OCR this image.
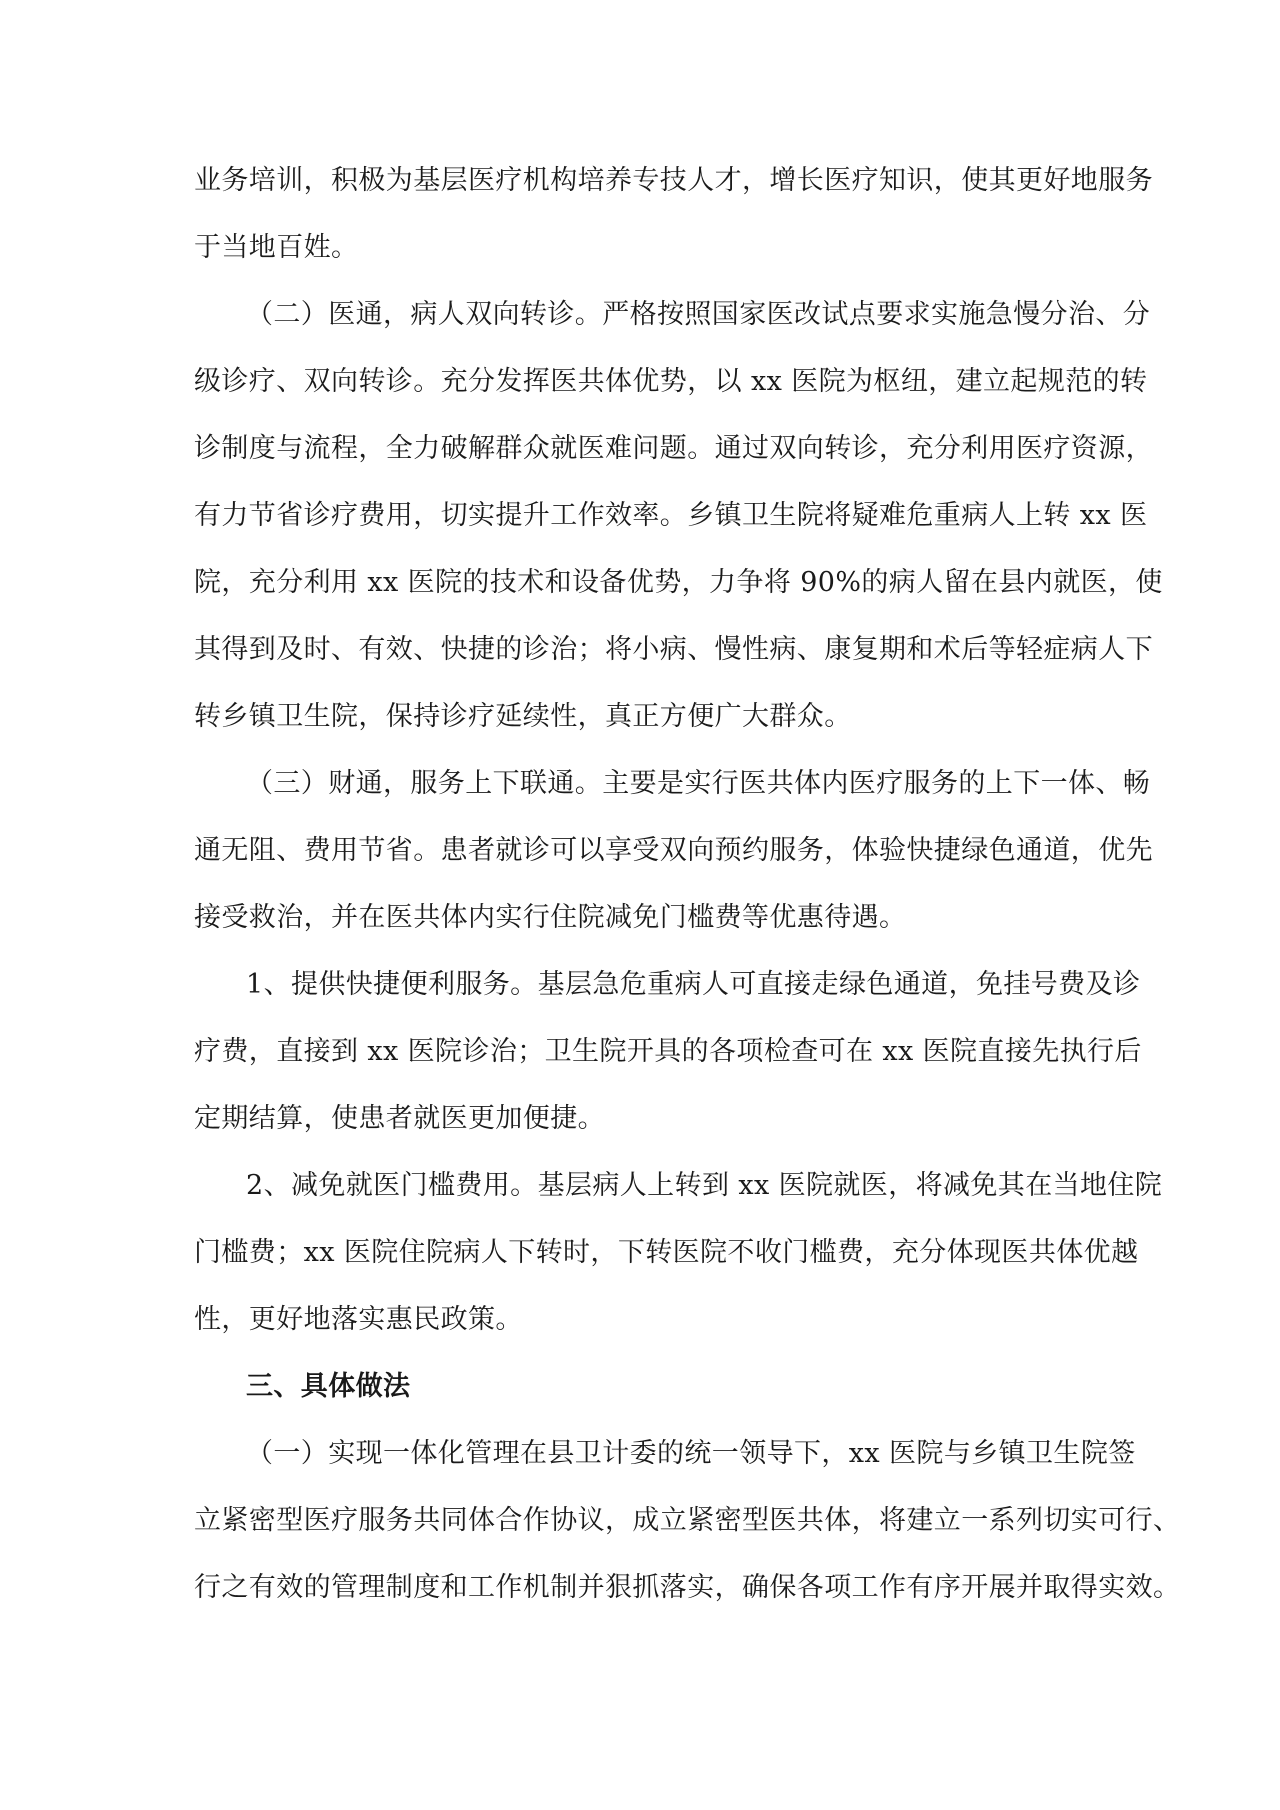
业务培训，积极为基层医疗机构培养专技人才，增长医疗知识，使其更好地服务
于当地百姓。
（二）医通，病人双向转诊。严格按照国家医改试点要求实施急慢分治、分
级诊疗、双向转诊。充分发挥医共体优势，以 xx 医院为枢纽，建立起规范的转
诊制度与流程，全力破解群众就医难问题。通过双向转诊，充分利用医疗资源，
有力节省诊疗费用，切实提升工作效率。乡镇卫生院将疑难危重病人上转 xx 医
院，充分利用 xx 医院的技术和设备优势，力争将 90%的病人留在县内就医，使
其得到及时、有效、快捷的诊治；将小病、慢性病、康复期和术后等轻症病人下
转乡镇卫生院，保持诊疗延续性，真正方便广大群众。
（三）财通，服务上下联通。主要是实行医共体内医疗服务的上下一体、畅
通无阻、费用节省。患者就诊可以享受双向预约服务，体验快捷绿色通道，优先
接受救治，并在医共体内实行住院减免门槛费等优惠待遇。
1、提供快捷便利服务。基层急危重病人可直接走绿色通道，免挂号费及诊
疗费，直接到 xx 医院诊治；卫生院开具的各项检查可在 xx 医院直接先执行后
定期结算，使患者就医更加便捷。
2、减免就医门槛费用。基层病人上转到 xx 医院就医，将减免其在当地住院
门槛费；xx 医院住院病人下转时，下转医院不收门槛费，充分体现医共体优越
性，更好地落实惠民政策。
三、具体做法
（一）实现一体化管理在县卫计委的统一领导下，xx 医院与乡镇卫生院签
立紧密型医疗服务共同体合作协议，成立紧密型医共体，将建立一系列切实可行、
行之有效的管理制度和工作机制并狠抓落实，确保各项工作有序开展并取得实效。
